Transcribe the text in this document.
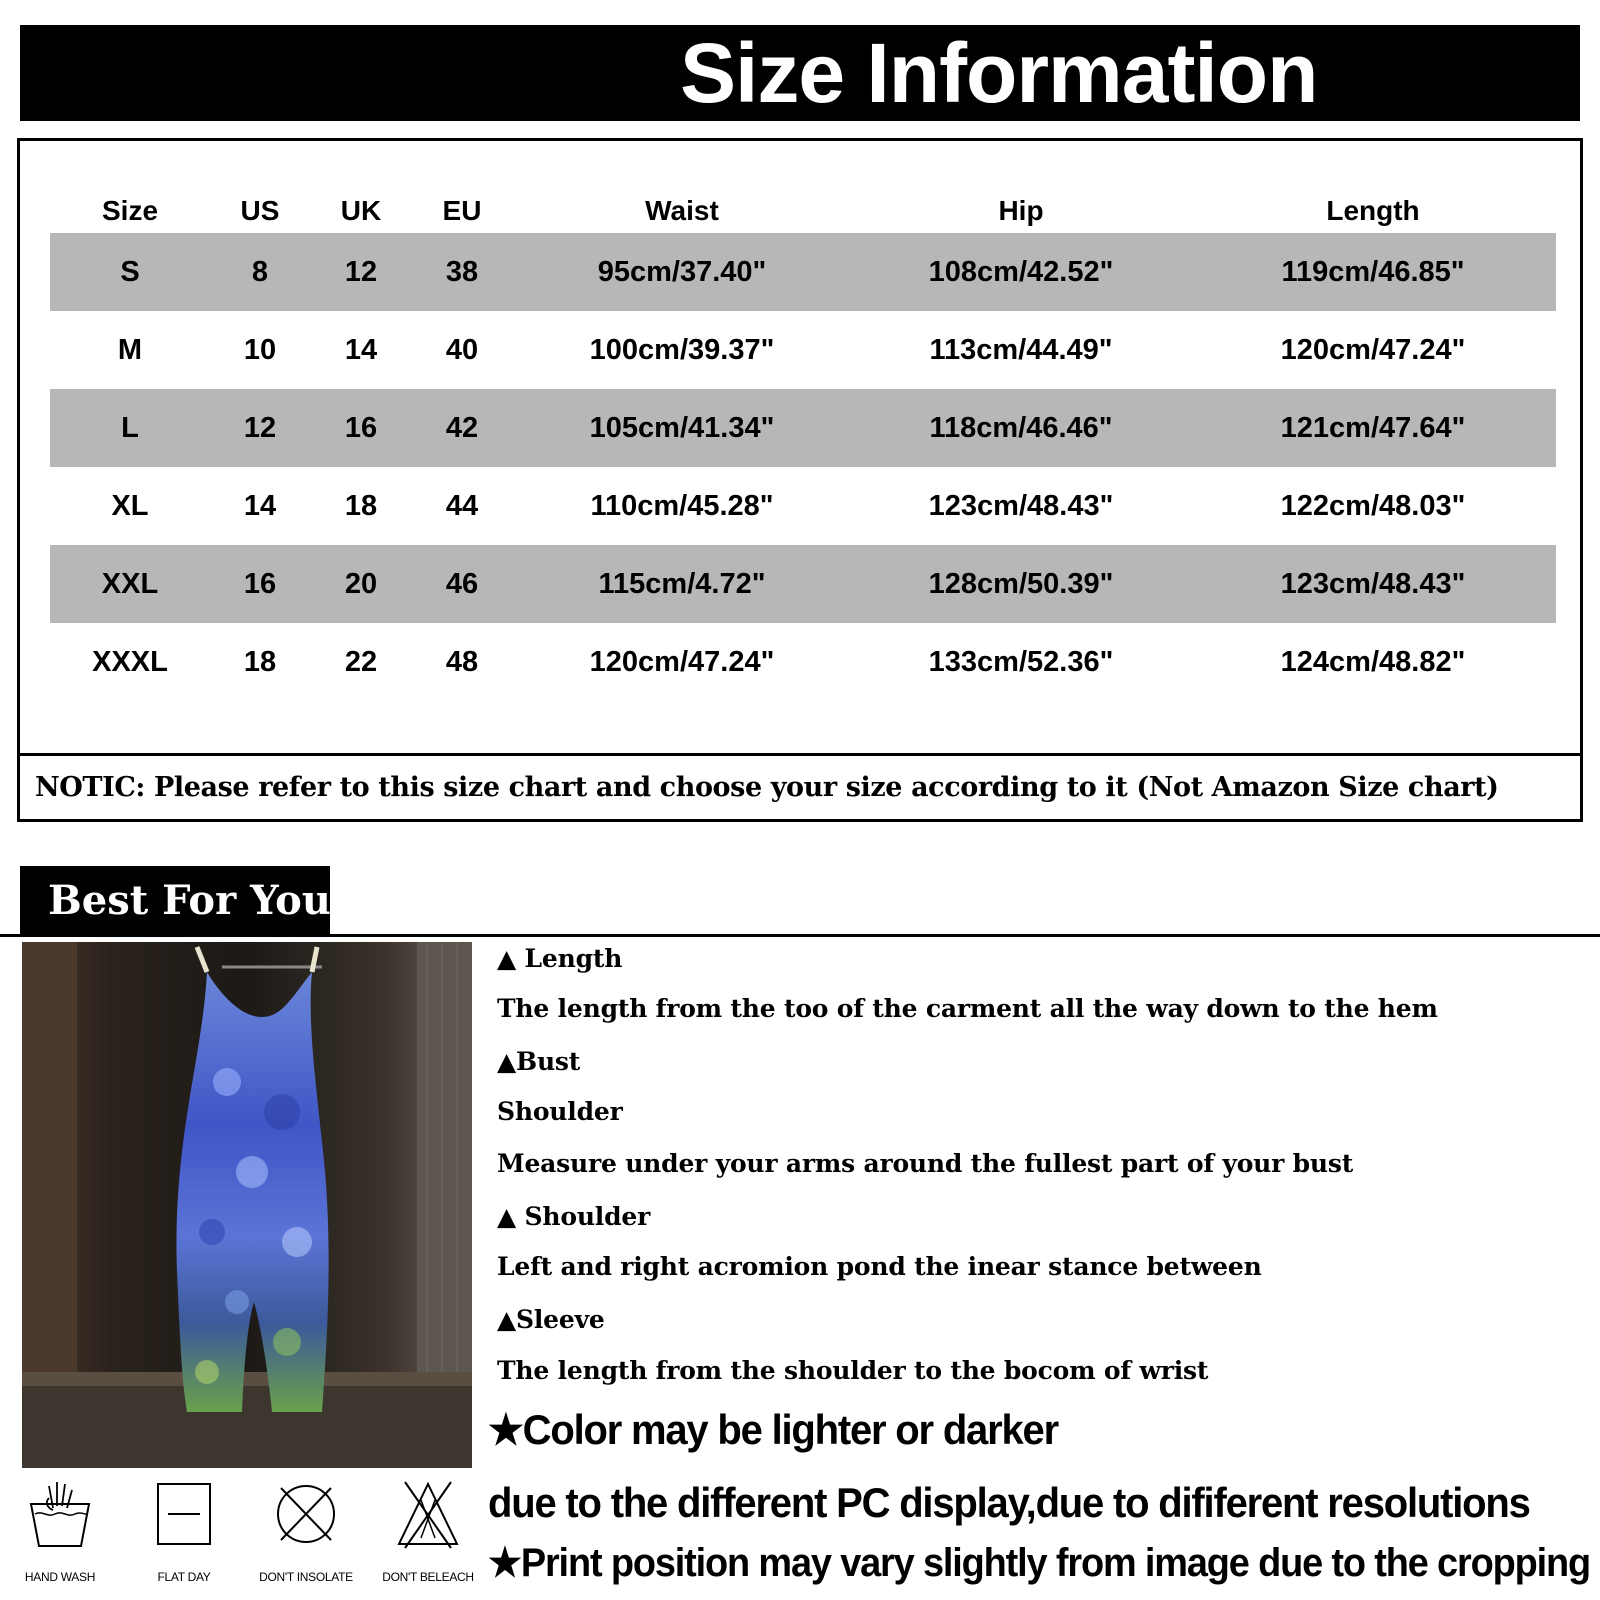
Size Information
Size	US	UK	EU	Waist	Hip	Length
S	8	12	38	95cm/37.40"	108cm/42.52"	119cm/46.85"
M	10	14	40	100cm/39.37"	113cm/44.49"	120cm/47.24"
L	12	16	42	105cm/41.34"	118cm/46.46"	121cm/47.64"
XL	14	18	44	110cm/45.28"	123cm/48.43"	122cm/48.03"
XXL	16	20	46	115cm/4.72"	128cm/50.39"	123cm/48.43"
XXXL	18	22	48	120cm/47.24"	133cm/52.36"	124cm/48.82"
NOTIC: Please refer to this size chart and choose your size according to it (Not Amazon Size chart)
Best For You
HAND WASH	FLAT DAY	DON'T INSOLATE	DON'T BELEACH
▲ Length
The length from the too of the carment all the way down to the hem
▲Bust
Shoulder
Measure under your arms around the fullest part of your bust
▲ Shoulder
Left and right acromion pond the inear stance between
▲Sleeve
The length from the shoulder to the bocom of wrist
★Color may be lighter or darker
due to the different PC display,due to dififerent resolutions
★Print position may vary slightly from image due to the cropping
